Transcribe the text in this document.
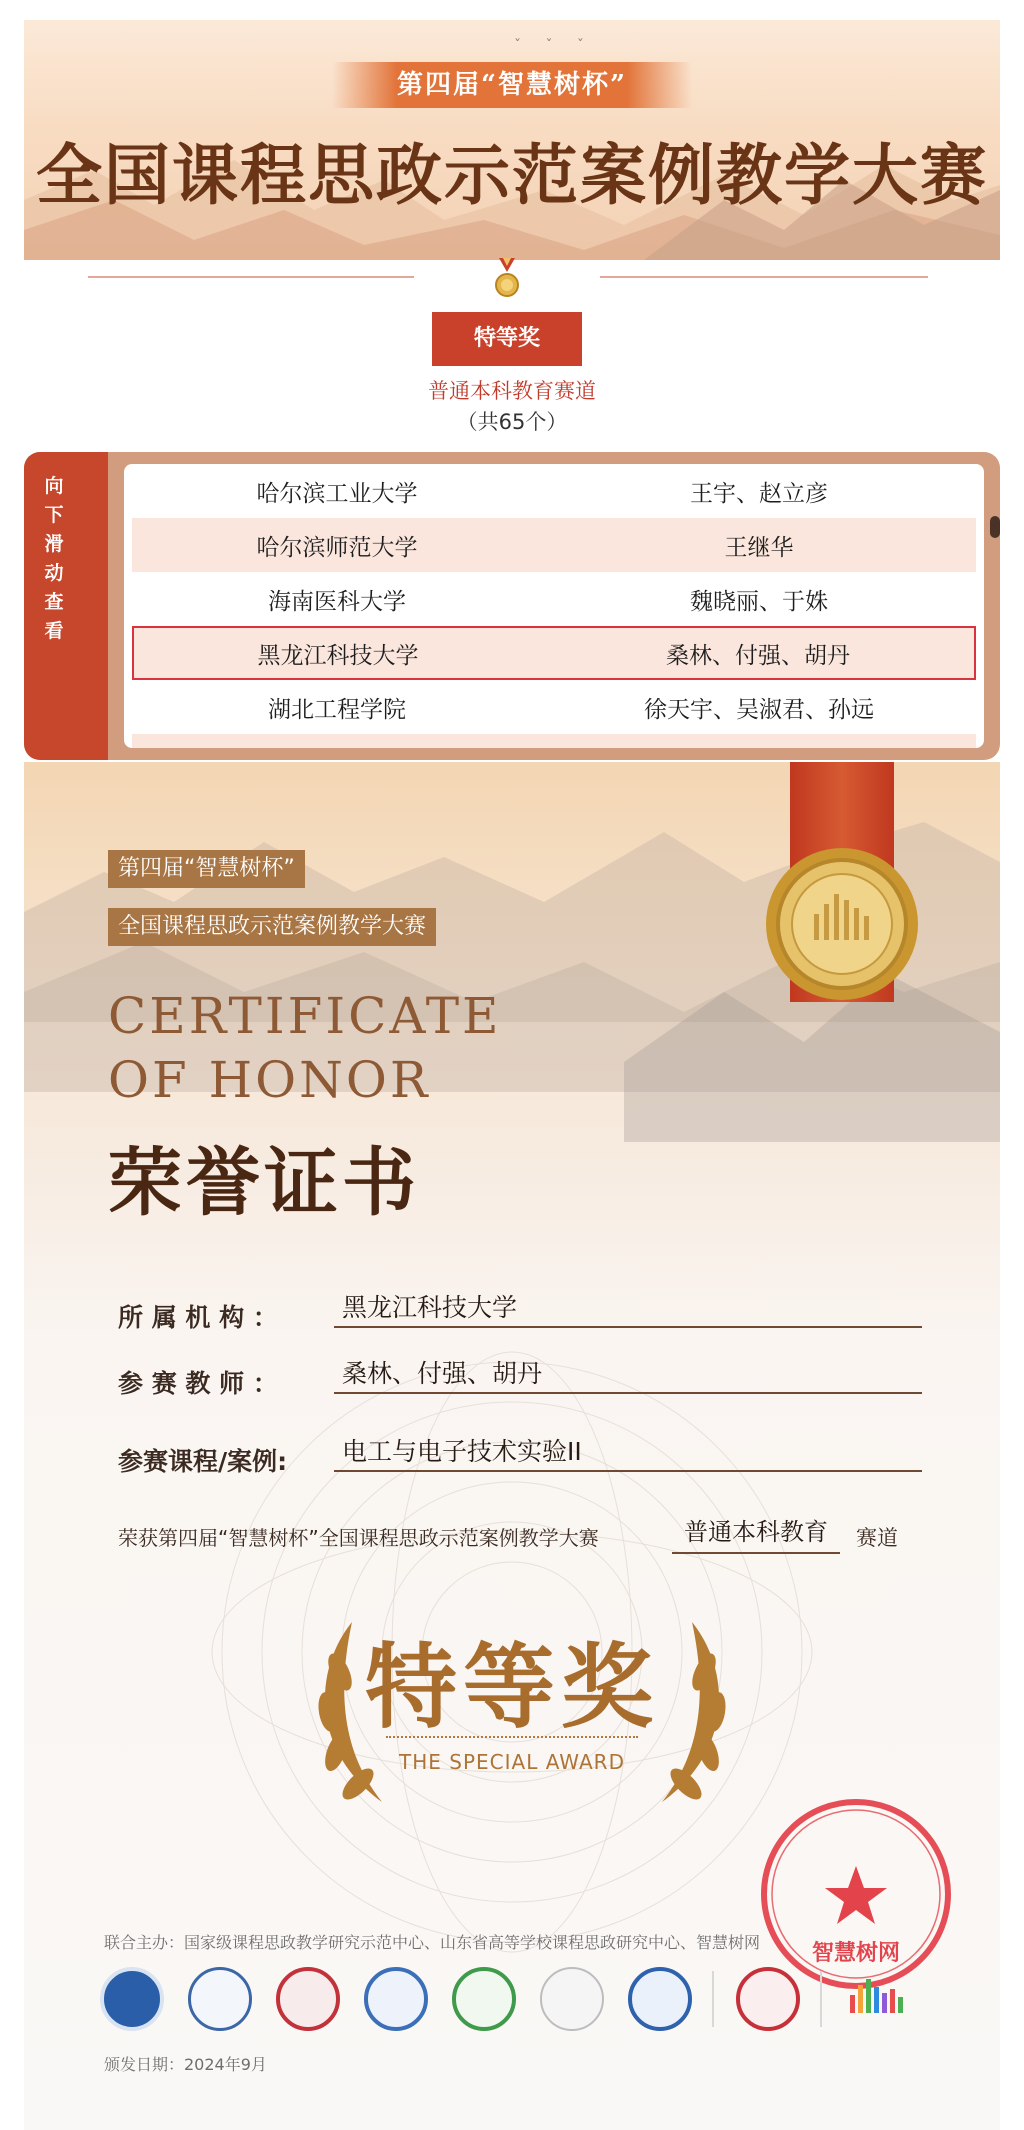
ˇ ˇ ˇ
第四届“智慧树杯”
全国课程思政示范案例教学大赛
特等奖
普通本科教育赛道
（共65个）
向
下
滑
动
查
看
哈尔滨工业大学	王宇、赵立彦
哈尔滨师范大学	王继华
海南医科大学	魏晓丽、于姝
黑龙江科技大学	桑林、付强、胡丹
湖北工程学院	徐天宇、吴淑君、孙远
第四届“智慧树杯”
全国课程思政示范案例教学大赛
CERTIFICATE
OF HONOR
荣誉证书
所 属 机 构 ：	黑龙江科技大学
参 赛 教 师 ：	桑林、付强、胡丹
参赛课程/案例:	电工与电子技术实验II
荣获第四届“智慧树杯”全国课程思政示范案例教学大赛	普通本科教育	赛道
特等奖
THE SPECIAL AWARD
智慧树网
联合主办：国家级课程思政教学研究示范中心、山东省高等学校课程思政研究中心、智慧树网
颁发日期：2024年9月
